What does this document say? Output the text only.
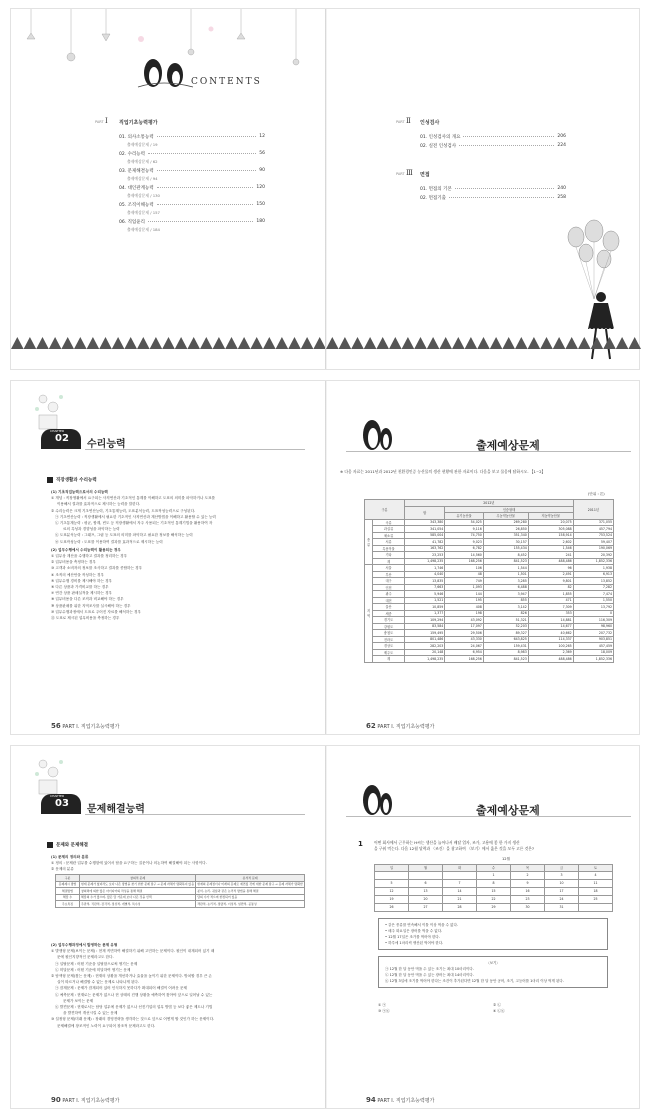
CONTENTS
PART Ⅰ	직업기초능력평가
01. 의사소통능력	12
출제예상문제 / 19
02. 수리능력	56
출제예상문제 / 62
03. 문제해결능력	90
출제예상문제 / 94
04. 대인관계능력	120
출제예상문제 / 130
05. 조직이해능력	150
출제예상문제 / 157
06. 직업윤리	180
출제예상문제 / 184
PART Ⅱ	인성검사
01. 인성검사의 개요	206
02. 실전 인성검사	224
PART Ⅲ	면접
01. 면접의 기본	240
02. 면접기출	258
CHAPTER
02
수리능력
직장생활과 수리능력

(1) 기초직업능력으로서의 수리능력

① 개념 : 직장생활에서 요구되는 사칙연산과 기초적인 통계를 이해하고 도표의 의미를 파악하거나 도표를

이용해서 결과를 효과적으로 제시하는 능력을 말한다.

② 수리능력은 크게 기초연산능력, 기초통계능력, 도표분석능력, 도표작성능력으로 구성된다.

㉠ 기초연산능력 : 직장생활에서 필요한 기초적인 사칙연산과 계산방법을 이해하고 활용할 수 있는 능력

㉡ 기초통계능력 : 평균, 합계, 빈도 등 직장생활에서 자주 사용되는 기초적인 통계기법을 활용하여 자

료의 특성과 경향성을 파악하는 능력

㉢ 도표분석능력 : 그래프, 그림 등 도표의 의미를 파악하고 필요한 정보를 해석하는 능력

㉣ 도표작성능력 : 도표를 이용하여 결과를 효과적으로 제시하는 능력

(2) 업무수행에서 수리능력이 활용되는 경우

① 업무상 계산을 수행하고 결과를 정리하는 경우

② 업무비용을 측정하는 경우

③ 고객과 소비자의 정보를 조사하고 결과를 종합하는 경우

④ 조직의 예산안을 작성하는 경우

⑤ 업무수행 경비를 제시해야 하는 경우

⑥ 다른 상품과 가격비교를 하는 경우

⑦ 연간 상품 판매실적을 제시하는 경우

⑧ 업무비용을 다른 조직과 비교해야 하는 경우

⑨ 상품판매를 위한 지역조사를 실시해야 하는 경우

⑩ 업무수행과정에서 도표로 주어진 자료를 해석하는 경우

⑪ 도표로 제시된 업무비용을 측정하는 경우

56 PART Ⅰ. 직업기초능력평가
출제예상문제
※ 다음 자료는 2011년과 2012년 친환경인증 농산물의 생산 현황에 관한 자료이다. 다음을 보고 물음에 답하시오. 【1~2】
(단위 : 톤)
구분		2012년				2011년
		합	인증형태			
			유기농산물	무농약농산물	저농약농산물	
종류	곡류	343,380	54,025	269,280	20,075	371,055
	과실류	341,054	9,116	26,850	305,088	457,794
	채소류	585,004	74,750	351,340	158,914	753,524
	서류	41,782	9,023	30,157	2,602	59,407
	특용작물	163,762	6,782	155,434	1,546	190,069
	기타	23,253	14,560	8,452	241	20,392
	계	1,498,235	168,256	841,523	488,486	1,852,336
지역	서울	1,746	106	1,544	96	1,938
	부산	4,040	48	1,501	2,491	6,913
	대구	13,835	749	3,285	9,801	13,852
	인천	7,663	1,093	6,488	82	7,282
	광주	5,946	144	3,947	1,855	7,474
	대전	1,521	195	855	471	1,550
	울산	10,859	408	3,142	7,309	13,792
	세종	1,377	198	826	353	0
	경기도	109,294	43,092	51,321	14,881	116,309
	강원도	83,584	17,097	52,203	14,677	98,960
	충청도	159,495	29,506	89,327	40,662	207,732
	전라도	801,486	43,330	643,825	114,337	903,851
	경상도	282,203	24,067	159,431	100,265	457,459
	제주도	20,148	6,954	8,983	2,369	18,009
	계	1,498,235	168,256	841,523	488,486	1,852,336
62 PART Ⅰ. 직업기초능력평가
CHAPTER
03
문제해결능력
문제와 문제해결

(1) 문제의 정의와 분류

① 정의 : 문제란 업무를 수행함에 있어서 답을 요구하는 질문이나 의논하여 해결해야 되는 사항이다.

② 문제의 분류

구분	창의적 문제	분석적 문제
문제제시 방법	현재 문제가 없더라도 보다 나은 방법을 찾기 위한 문제 탐구 → 문제 자체가 명확하지 않음	현재의 문제점이나 미래의 문제로 예견될 것에 대한 문제 탐구 → 문제 자체가 명확함
해결방법	창의력에 의한 많은 아이디어의 작성을 통해 해결	분석, 논리, 귀납과 같은 논리적 방법을 통해 해결
해답 수	해답의 수가 많으며, 많은 답 가운데 보다 나은 것을 선택	답의 수가 적으며 한정되어 있음
주요특징	주관적, 직관적, 감각적, 정성적, 개별적, 특수성	객관적, 논리적, 정량적, 이성적, 일반적, 공통성

(2) 업무수행과정에서 발생하는 문제 유형

① 발생형 문제(보이는 문제) : 현재 직면하여 해결하기 위해 고민하는 문제이다. 원인이 내재되어 있기 때

문에 원인지향적인 문제라고도 한다.

㉠ 일탈문제 : 어떤 기준을 일탈함으로써 생기는 문제

㉡ 미달문제 : 어떤 기준에 미달하여 생기는 문제

② 탐색형 문제(찾는 문제) : 현재의 상황을 개선하거나 효율을 높이기 위한 문제이다. 방치할 경우 큰 손

실이 따르거나 해결할 수 없는 문제로 나타나게 된다.

㉠ 잠재문제 : 문제가 잠재되어 있어 인식하지 못하다가 확대되어 해결이 어려운 문제

㉡ 예측문제 : 현재로는 문제가 없으나 현 상태의 진행 상황을 예측하여 찾아야 앞으로 일어날 수 있는

문제가 보이는 문제

㉢ 발견문제 : 현재로서는 담당 업무에 문제가 없으나 선진기업의 업무 방법 등 보다 좋은 제도나 기법

을 발견하여 개선시킬 수 있는 문제

③ 설정형 문제(미래 문제) : 장래의 경영전략을 생각하는 것으로 앞으로 어떻게 할 것인가 하는 문제이다.

문제해결에 창조적인 노력이 요구되어 창조적 문제라고도 한다.

90 PART Ⅰ. 직업기초능력평가
출제예상문제
1	어떤 회사에서 근무하는 H씨는 생산을 늘어나서 배달 업자, 조가, 고용에 좋 한 가지 생산

을 구워 먹는다. 다음 12월 달력과 〈조건〉을 참고하여 〈보기〉에서 옳은 것을 모두 고른 것은?

12월
일	월	화	수	목	금	토
			1	2	3	4
5	6	7	8	9	10	11
12	13	14	15	16	17	18
19	20	21	22	23	24	25
26	27	28	29	30	31	

• 같은 종류를 연속해서 이틀 이상 먹을 수 없다.

• 매주 화요일은 장어를 먹을 수 없다.

• 12월 17일은 조가를 먹어야 한다.

• 하루에 1마리씩 생산된 먹어야 한다.

〈보기〉

㉠ 12월 한 달 동안 먹을 수 있는 조기는 최대 10마리이다.

㉡ 12월 한 달 동안 먹을 수 있는 장어는 최대 14마리이다.

㉢ 12월 3일에 조기를 먹어야 한다는 조건이 추가된다면 12월 한 달 동안 공어, 조기, 고등어를 1마리 이상 먹게 된다.

① ㉠	② ㉡
③ ㉠㉢	④ ㉡㉢
94 PART Ⅰ. 직업기초능력평가
